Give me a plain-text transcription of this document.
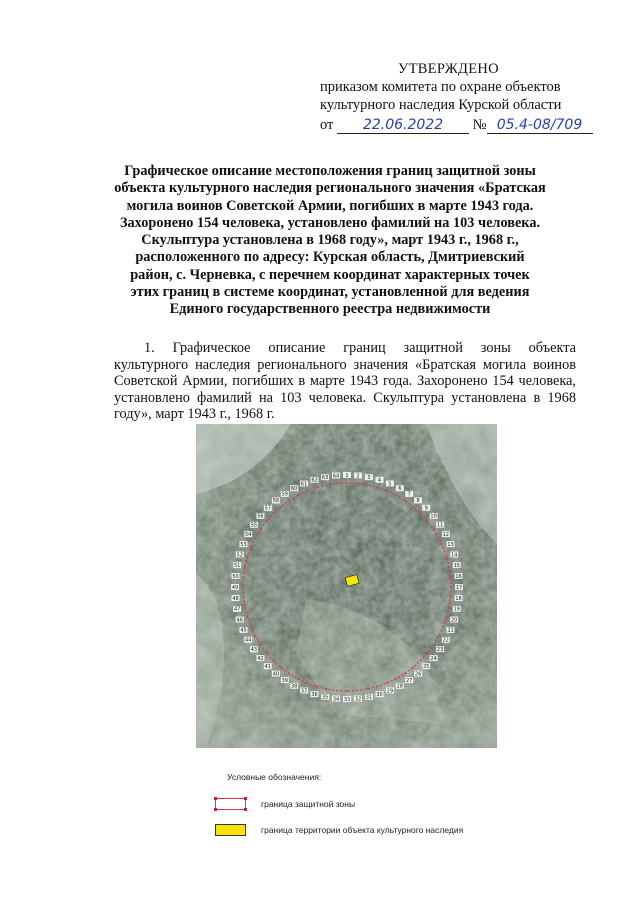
УТВЕРЖДЕНО
приказом комитета по охране объектов
культурного наследия Курской области
от 22.06.2022 № 05.4-08/709
Графическое описание местоположения границ защитной зоны
объекта культурного наследия регионального значения «Братская
могила воинов Советской Армии, погибших в марте 1943 года.
Захоронено 154 человека, установлено фамилий на 103 человека.
Скульптура установлена в 1968 году», март 1943 г., 1968 г.,
расположенного по адресу: Курская область, Дмитриевский
район, с. Черневка, с перечнем координат характерных точек
этих границ в системе координат, установленной для ведения
Единого государственного реестра недвижимости
1. Графическое описание границ защитной зоны объекта
культурного наследия регионального значения «Братская могила воинов Советской Армии, погибших в марте 1943 года. Захоронено 154 человека, установлено фамилий на 103 человека. Скульптура установлена в 1968 году», март 1943 г., 1968 г.
1 2 3 4
5
6
7
8
9
10
11
12
13
14
15
16
17
18
19
20
21
22
23
24
25
26
27
28
29
30
31
32
33
34
35
36
37
38
39
40
41
42
43
44
45
46
47
48
49
50
51
52
53
54
55
56
57
58
59
60
61
62 63 64
Условные обозначения:
граница защитной зоны
граница территории объекта культурного наследия
